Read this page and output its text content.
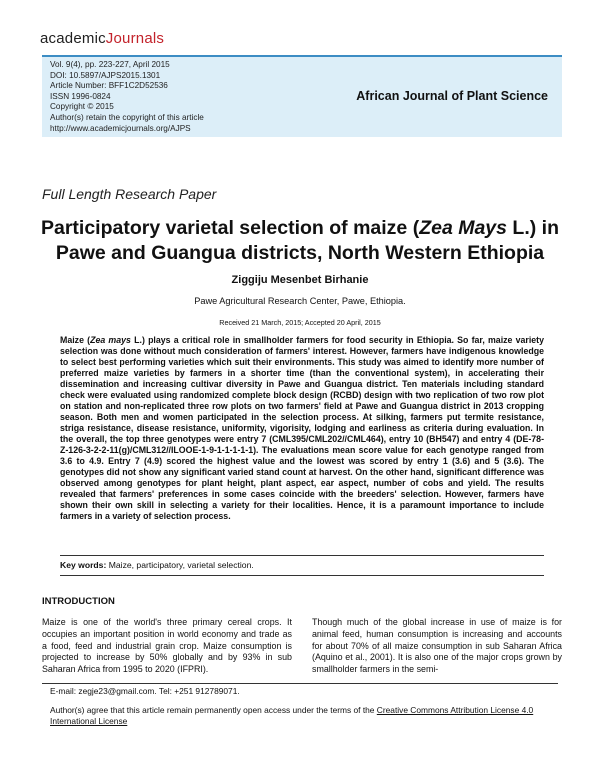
academicJournals
Vol. 9(4), pp. 223-227, April 2015
DOI: 10.5897/AJPS2015.1301
Article Number: BFF1C2D52536
ISSN 1996-0824
Copyright © 2015
Author(s) retain the copyright of this article
http://www.academicjournals.org/AJPS
African Journal of Plant Science
Full Length Research Paper
Participatory varietal selection of maize (Zea Mays L.) in Pawe and Guangua districts, North Western Ethiopia
Ziggiju Mesenbet Birhanie
Pawe Agricultural Research Center, Pawe, Ethiopia.
Received 21 March, 2015; Accepted 20 April, 2015
Maize (Zea mays L.) plays a critical role in smallholder farmers for food security in Ethiopia. So far, maize variety selection was done without much consideration of farmers' interest. However, farmers have indigenous knowledge to select best performing varieties which suit their environments. This study was aimed to identify more number of preferred maize varieties by farmers in a shorter time (than the conventional system), in accelerating their dissemination and increasing cultivar diversity in Pawe and Guangua district. Ten materials including standard check were evaluated using randomized complete block design (RCBD) design with two replication of two row plot on station and non-replicated three row plots on two farmers' field at Pawe and Guangua district in 2013 cropping season. Both men and women participated in the selection process. At silking, farmers put termite resistance, striga resistance, disease resistance, uniformity, vigorisity, lodging and earliness as criteria during evaluation. In the overall, the top three genotypes were entry 7 (CML395/CML202//CML464), entry 10 (BH547) and entry 4 (DE-78-Z-126-3-2-2-11(g)/CML312//ILOOE-1-9-1-1-1-1-1). The evaluations mean score value for each genotype ranged from 3.6 to 4.9. Entry 7 (4.9) scored the highest value and the lowest was scored by entry 1 (3.6) and 5 (3.6). The genotypes did not show any significant varied stand count at harvest. On the other hand, significant difference was observed among genotypes for plant height, plant aspect, ear aspect, number of cobs and yield. The results revealed that farmers' preferences in some cases coincide with the breeders' selection. However, farmers have shown their own skill in selecting a variety for their localities. Hence, it is a paramount importance to include farmers in a variety of selection process.
Key words: Maize, participatory, varietal selection.
INTRODUCTION
Maize is one of the world's three primary cereal crops. It occupies an important position in world economy and trade as a food, feed and industrial grain crop. Maize consumption is projected to increase by 50% globally and by 93% in sub Saharan Africa from 1995 to 2020 (IFPRI).
Though much of the global increase in use of maize is for animal feed, human consumption is increasing and accounts for about 70% of all maize consumption in sub Saharan Africa (Aquino et al., 2001). It is also one of the major crops grown by smallholder farmers in the semi-
E-mail: zegje23@gmail.com. Tel: +251 912789071.
Author(s) agree that this article remain permanently open access under the terms of the Creative Commons Attribution License 4.0 International License
